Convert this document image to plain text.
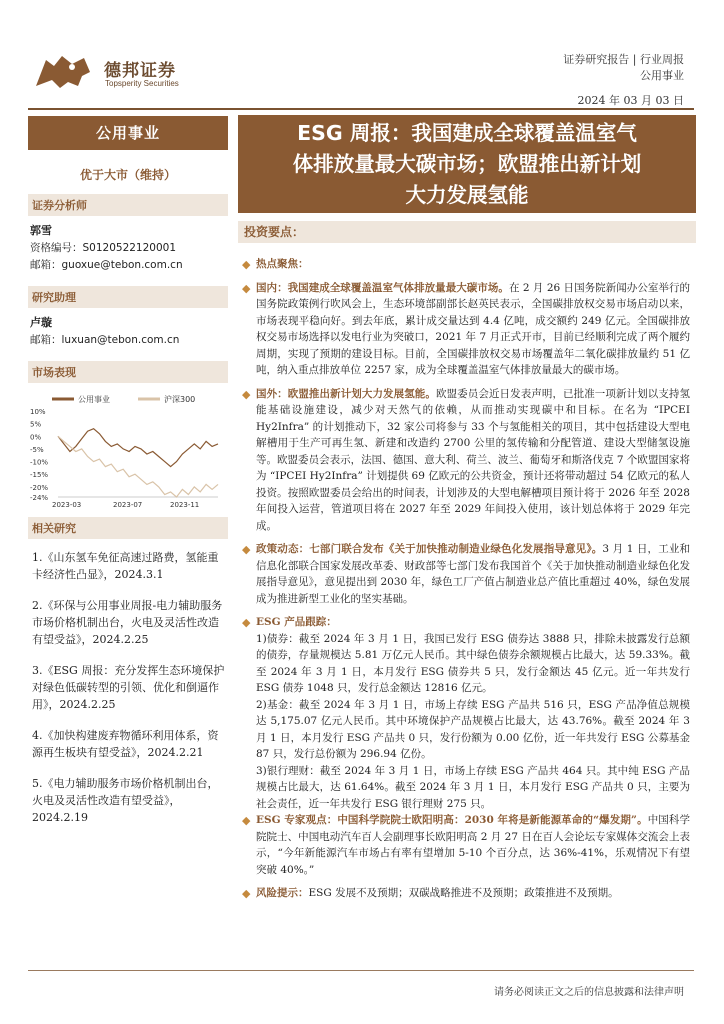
德邦证券
Topsperity Securities
证券研究报告 | 行业周报
公用事业
2024 年 03 月 03 日
公用事业
优于大市（维持）
证券分析师
郭雪
资格编号：S0120522120001
邮箱：guoxue@tebon.com.cn
研究助理
卢璇
邮箱：luxuan@tebon.com.cn
市场表现
公用事业	沪深300
10%
5%
0%
-5%
-10%
-15%
-20%
-24%
2023-03	2023-07	2023-11
相关研究
1.《山东氢车免征高速过路费，氢能重卡经济性凸显》，2024.3.1
2.《环保与公用事业周报-电力辅助服务市场价格机制出台，火电及灵活性改造有望受益》，2024.2.25
3.《ESG 周报：充分发挥生态环境保护对绿色低碳转型的引领、优化和倒逼作用》，2024.2.25
4.《加快构建废弃物循环利用体系，资源再生板块有望受益》，2024.2.21
5.《电力辅助服务市场价格机制出台，火电及灵活性改造有望受益》，2024.2.19
ESG 周报：我国建成全球覆盖温室气
体排放量最大碳市场；欧盟推出新计划
大力发展氢能
投资要点：
◆ 热点聚焦：
◆ 国内：我国建成全球覆盖温室气体排放量最大碳市场。在 2 月 26 日国务院新闻办公室举行的国务院政策例行吹风会上，生态环境部副部长赵英民表示，全国碳排放权交易市场启动以来，市场表现平稳向好。到去年底，累计成交量达到 4.4 亿吨，成交额约 249 亿元。全国碳排放权交易市场选择以发电行业为突破口，2021 年 7 月正式开市，目前已经顺利完成了两个履约周期，实现了预期的建设目标。目前，全国碳排放权交易市场覆盖年二氧化碳排放量约 51 亿吨，纳入重点排放单位 2257 家，成为全球覆盖温室气体排放量最大的碳市场。
◆ 国外：欧盟推出新计划大力发展氢能。欧盟委员会近日发表声明，已批准一项新计划以支持氢能基础设施建设，减少对天然气的依赖，从而推动实现碳中和目标。在名为 “IPCEI Hy2Infra” 的计划推动下，32 家公司将参与 33 个与氢能相关的项目，其中包括建设大型电解槽用于生产可再生氢、新建和改造约 2700 公里的氢传输和分配管道、建设大型储氢设施等。欧盟委员会表示，法国、德国、意大利、荷兰、波兰、葡萄牙和斯洛伐克 7 个欧盟国家将为 “IPCEI Hy2Infra” 计划提供 69 亿欧元的公共资金，预计还将带动超过 54 亿欧元的私人投资。按照欧盟委员会给出的时间表，计划涉及的大型电解槽项目预计将于 2026 年至 2028 年间投入运营，管道项目将在 2027 年至 2029 年间投入使用，该计划总体将于 2029 年完成。
◆ 政策动态：七部门联合发布《关于加快推动制造业绿色化发展指导意见》。3 月 1 日，工业和信息化部联合国家发展改革委、财政部等七部门发布我国首个《关于加快推动制造业绿色化发展指导意见》，意见提出到 2030 年，绿色工厂产值占制造业总产值比重超过 40%，绿色发展成为推进新型工业化的坚实基础。
◆ ESG 产品跟踪：
1)债券：截至 2024 年 3 月 1 日，我国已发行 ESG 债券达 3888 只，排除未披露发行总额的债券，存量规模达 5.81 万亿元人民币。其中绿色债券余额规模占比最大，达 59.33%。截至 2024 年 3 月 1 日，本月发行 ESG 债券共 5 只，发行金额达 45 亿元。近一年共发行 ESG 债券 1048 只，发行总金额达 12816 亿元。
2)基金：截至 2024 年 3 月 1 日，市场上存续 ESG 产品共 516 只，ESG 产品净值总规模达 5,175.07 亿元人民币。其中环境保护产品规模占比最大，达 43.76%。截至 2024 年 3 月 1 日，本月发行 ESG 产品共 0 只，发行份额为 0.00 亿份，近一年共发行 ESG 公募基金 87 只，发行总份额为 296.94 亿份。
3)银行理财：截至 2024 年 3 月 1 日，市场上存续 ESG 产品共 464 只。其中纯 ESG 产品规模占比最大，达 61.64%。截至 2024 年 3 月 1 日，本月发行 ESG 产品共 0 只，主要为社会责任，近一年共发行 ESG 银行理财 275 只。
◆ ESG 专家观点：中国科学院院士欧阳明高：2030 年将是新能源革命的“爆发期”。中国科学院院士、中国电动汽车百人会副理事长欧阳明高 2 月 27 日在百人会论坛专家媒体交流会上表示，“今年新能源汽车市场占有率有望增加 5-10 个百分点，达 36%-41%，乐观情况下有望突破 40%。”
◆ 风险提示：ESG 发展不及预期；双碳战略推进不及预期；政策推进不及预期。
请务必阅读正文之后的信息披露和法律声明
